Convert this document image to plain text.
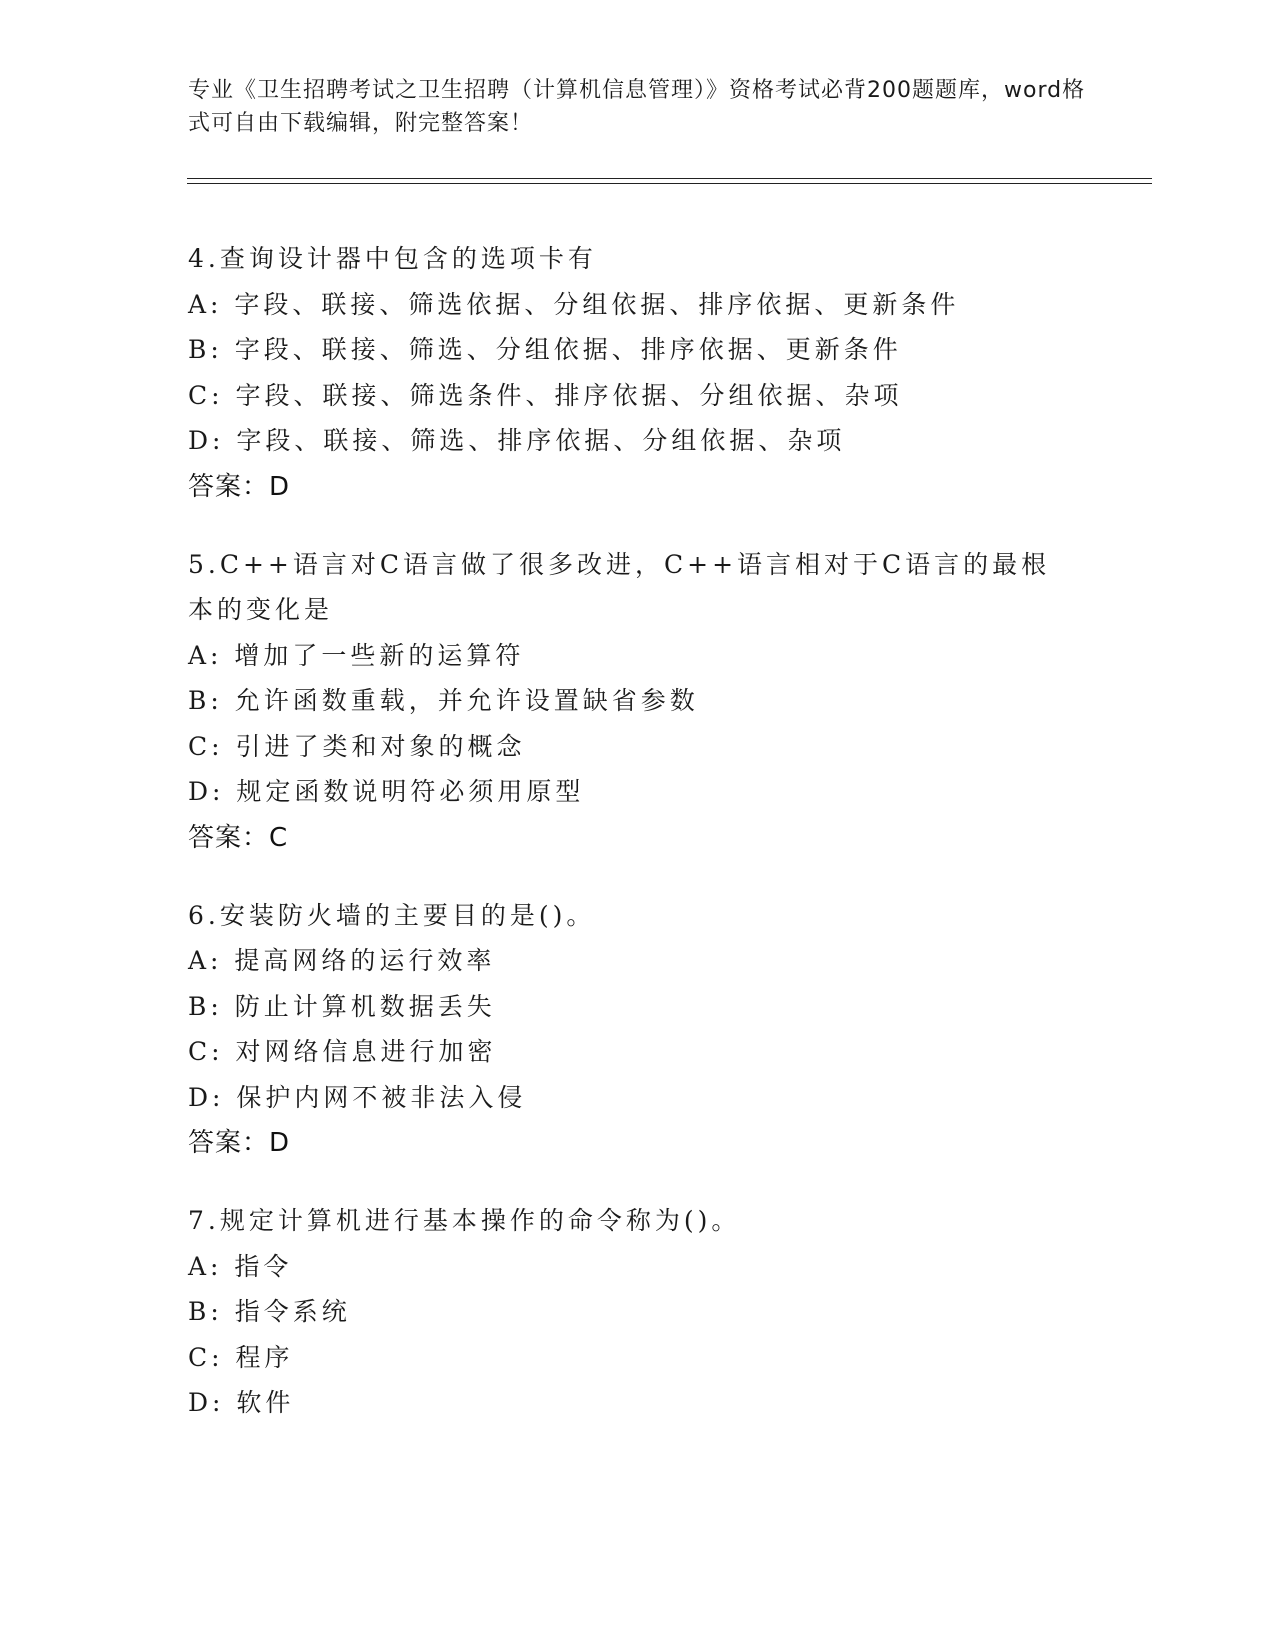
专业《卫生招聘考试之卫生招聘（计算机信息管理）》资格考试必背200题题库，word格式可自由下载编辑，附完整答案！
4.查询设计器中包含的选项卡有
A: 字段、联接、筛选依据、分组依据、排序依据、更新条件
B: 字段、联接、筛选、分组依据、排序依据、更新条件
C: 字段、联接、筛选条件、排序依据、分组依据、杂项
D: 字段、联接、筛选、排序依据、分组依据、杂项
答案：D
5.C++语言对C语言做了很多改进，C++语言相对于C语言的最根本的变化是
A: 增加了一些新的运算符
B: 允许函数重载，并允许设置缺省参数
C: 引进了类和对象的概念
D: 规定函数说明符必须用原型
答案：C
6.安装防火墙的主要目的是()。
A: 提高网络的运行效率
B: 防止计算机数据丢失
C: 对网络信息进行加密
D: 保护内网不被非法入侵
答案：D
7.规定计算机进行基本操作的命令称为()。
A: 指令
B: 指令系统
C: 程序
D: 软件
